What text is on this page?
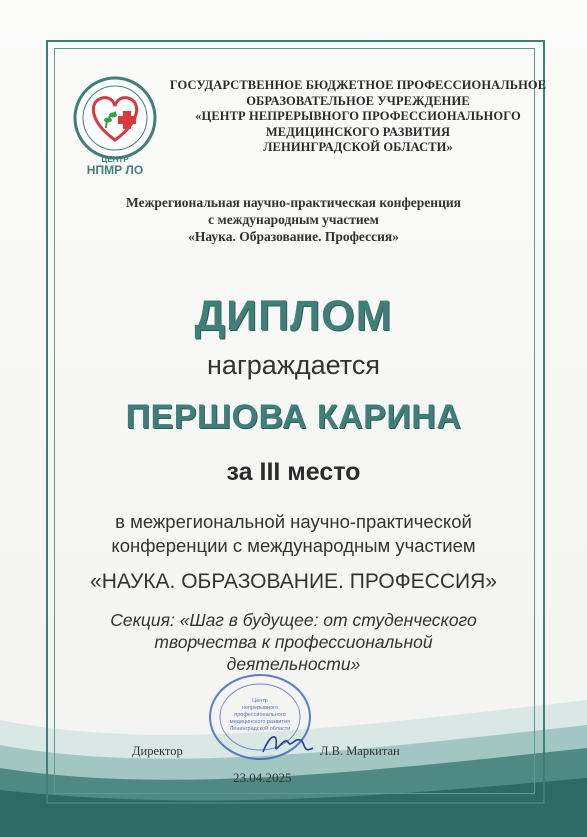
ЦЕНТР
НПМР ЛО
ГОСУДАРСТВЕННОЕ БЮДЖЕТНОЕ ПРОФЕССИОНАЛЬНОЕ
ОБРАЗОВАТЕЛЬНОЕ УЧРЕЖДЕНИЕ
«ЦЕНТР НЕПРЕРЫВНОГО ПРОФЕССИОНАЛЬНОГО
МЕДИЦИНСКОГО РАЗВИТИЯ
ЛЕНИНГРАДСКОЙ ОБЛАСТИ»
Межрегиональная научно-практическая конференция
с международным участием
«Наука. Образование. Профессия»
ДИПЛОМ
награждается
ПЕРШОВА КАРИНА
за III место
в межрегиональной научно-практической
конференции с международным участием
«НАУКА. ОБРАЗОВАНИЕ. ПРОФЕССИЯ»
Секция: «Шаг в будущее: от студенческого
творчества к профессиональной
деятельности»
Центр
непрерывного
профессионального
медицинского развития
Ленинградской области
Директор	Л.В. Маркитан
23.04.2025
